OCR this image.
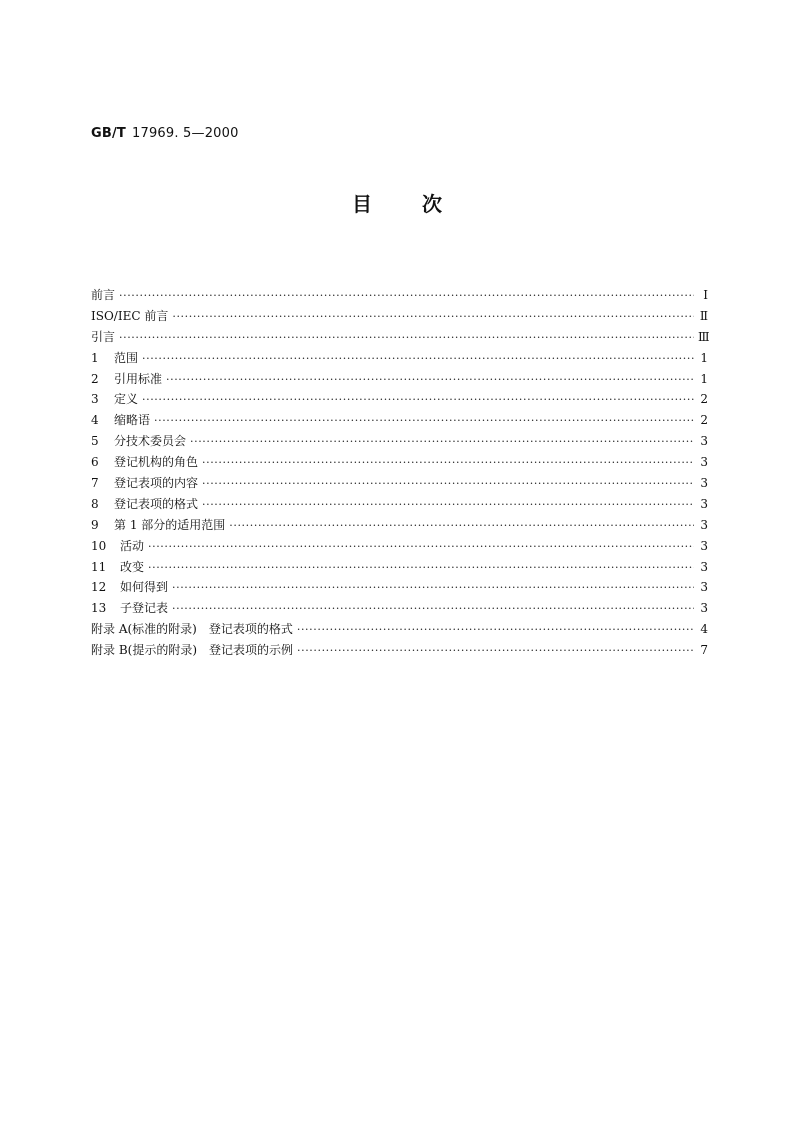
GB/T 17969. 5—2000
目次
前言 ·····	Ⅰ
ISO/IEC 前言 ·····	Ⅱ
引言 ·····	Ⅲ
1	范围 ·····	1
2	引用标准 ·····	1
3	定义 ·····	2
4	缩略语 ·····	2
5	分技术委员会 ·····	3
6	登记机构的角色 ·····	3
7	登记表项的内容 ·····	3
8	登记表项的格式 ·····	3
9	第 1 部分的适用范围 ·····	3
10	活动 ·····	3
11	改变 ·····	3
12	如何得到 ·····	3
13	子登记表 ·····	3
附录 A(标准的附录)　登记表项的格式 ·····	4
附录 B(提示的附录)　登记表项的示例 ·····	7
